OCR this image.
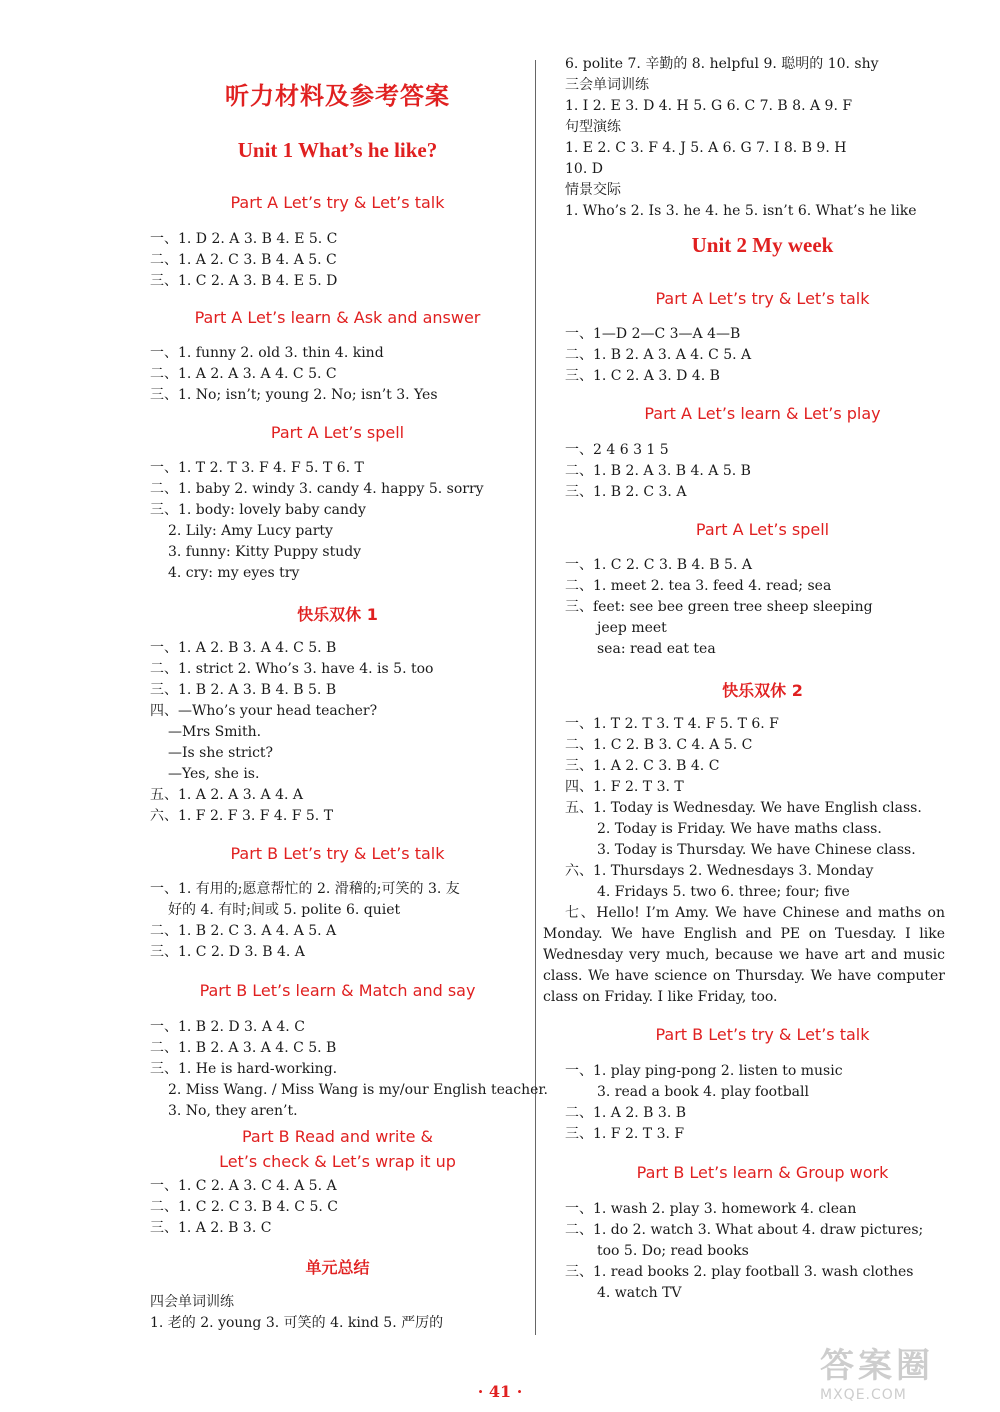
听力材料及参考答案
Unit 1 What’s he like?
Part A Let’s try & Let’s talk
一、1. D 2. A 3. B 4. E 5. C
二、1. A 2. C 3. B 4. A 5. C
三、1. C 2. A 3. B 4. E 5. D
Part A Let’s learn & Ask and answer
一、1. funny 2. old 3. thin 4. kind
二、1. A 2. A 3. A 4. C 5. C
三、1. No; isn’t; young 2. No; isn’t 3. Yes
Part A Let’s spell
一、1. T 2. T 3. F 4. F 5. T 6. T
二、1. baby 2. windy 3. candy 4. happy 5. sorry
三、1. body: lovely baby candy
2. Lily: Amy Lucy party
3. funny: Kitty Puppy study
4. cry: my eyes try
快乐双休 1
一、1. A 2. B 3. A 4. C 5. B
二、1. strict 2. Who’s 3. have 4. is 5. too
三、1. B 2. A 3. B 4. B 5. B
四、—Who’s your head teacher?
—Mrs Smith.
—Is she strict?
—Yes, she is.
五、1. A 2. A 3. A 4. A
六、1. F 2. F 3. F 4. F 5. T
Part B Let’s try & Let’s talk
一、1. 有用的;愿意帮忙的 2. 滑稽的;可笑的 3. 友
好的 4. 有时;间或 5. polite 6. quiet
二、1. B 2. C 3. A 4. A 5. A
三、1. C 2. D 3. B 4. A
Part B Let’s learn & Match and say
一、1. B 2. D 3. A 4. C
二、1. B 2. A 3. A 4. C 5. B
三、1. He is hard-working.
2. Miss Wang. / Miss Wang is my/our English teacher.
3. No, they aren’t.
Part B Read and write &
Let’s check & Let’s wrap it up
一、1. C 2. A 3. C 4. A 5. A
二、1. C 2. C 3. B 4. C 5. C
三、1. A 2. B 3. C
单元总结
四会单词训练
1. 老的 2. young 3. 可笑的 4. kind 5. 严厉的
6. polite 7. 辛勤的 8. helpful 9. 聪明的 10. shy
三会单词训练
1. I 2. E 3. D 4. H 5. G 6. C 7. B 8. A 9. F
句型演练
1. E 2. C 3. F 4. J 5. A 6. G 7. I 8. B 9. H
10. D
情景交际
1. Who’s 2. Is 3. he 4. he 5. isn’t 6. What’s he like
Unit 2 My week
Part A Let’s try & Let’s talk
一、1—D 2—C 3—A 4—B
二、1. B 2. A 3. A 4. C 5. A
三、1. C 2. A 3. D 4. B
Part A Let’s learn & Let’s play
一、2 4 6 3 1 5
二、1. B 2. A 3. B 4. A 5. B
三、1. B 2. C 3. A
Part A Let’s spell
一、1. C 2. C 3. B 4. B 5. A
二、1. meet 2. tea 3. feed 4. read; sea
三、feet: see bee green tree sheep sleeping
jeep meet
sea: read eat tea
快乐双休 2
一、1. T 2. T 3. T 4. F 5. T 6. F
二、1. C 2. B 3. C 4. A 5. C
三、1. A 2. C 3. B 4. C
四、1. F 2. T 3. T
五、1. Today is Wednesday. We have English class.
2. Today is Friday. We have maths class.
3. Today is Thursday. We have Chinese class.
六、1. Thursdays 2. Wednesdays 3. Monday
4. Fridays 5. two 6. three; four; five
七、Hello! I’m Amy. We have Chinese and maths on Monday. We have English and PE on Tuesday. I like Wednesday very much, because we have art and music class. We have science on Thursday. We have computer class on Friday. I like Friday, too.
Part B Let’s try & Let’s talk
一、1. play ping-pong 2. listen to music
3. read a book 4. play football
二、1. A 2. B 3. B
三、1. F 2. T 3. F
Part B Let’s learn & Group work
一、1. wash 2. play 3. homework 4. clean
二、1. do 2. watch 3. What about 4. draw pictures;
too 5. Do; read books
三、1. read books 2. play football 3. wash clothes
4. watch TV
· 41 ·
答案圈
MXQE.COM
